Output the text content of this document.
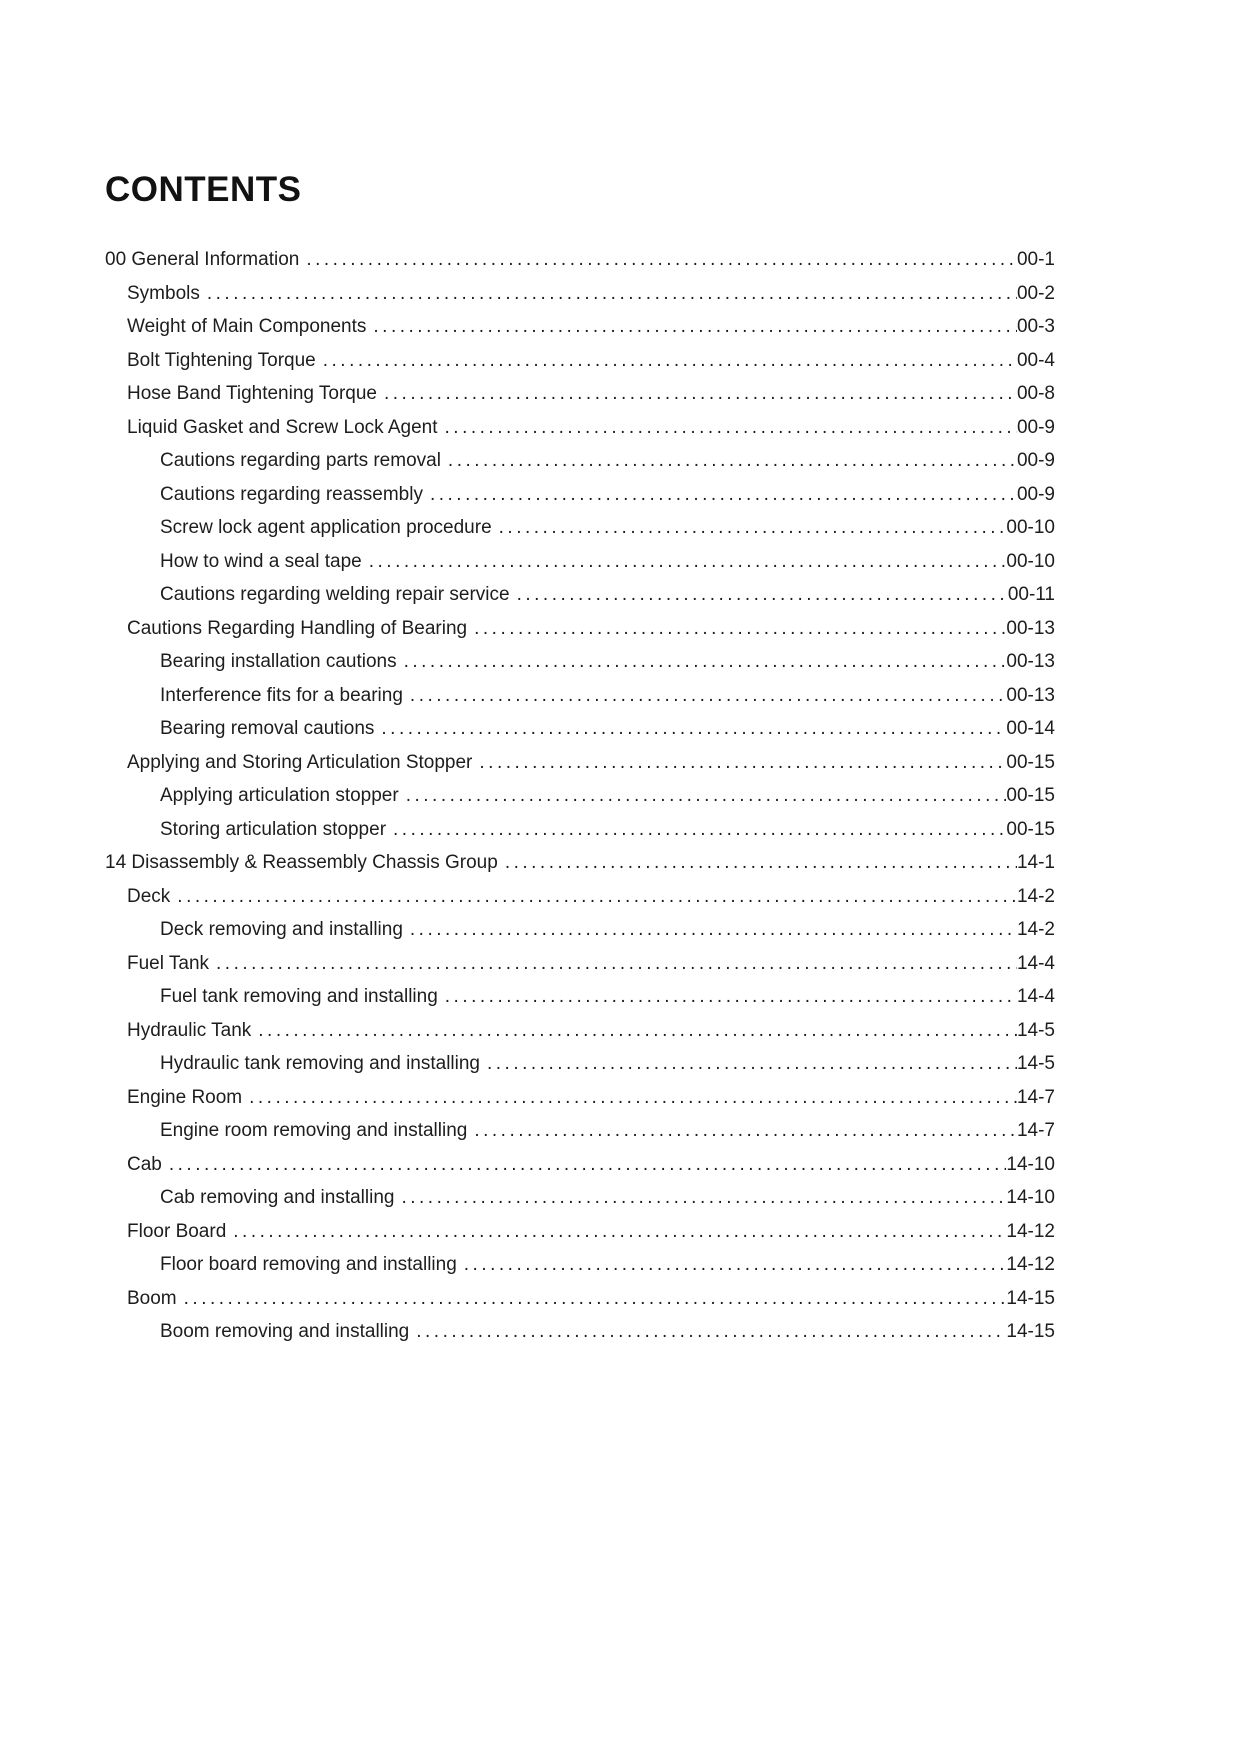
CONTENTS
00 General Information .....	00-1
Symbols .....	00-2
Weight of Main Components .....	00-3
Bolt Tightening Torque .....	00-4
Hose Band Tightening Torque .....	00-8
Liquid Gasket and Screw Lock Agent .....	00-9
Cautions regarding parts removal .....	00-9
Cautions regarding reassembly .....	00-9
Screw lock agent application procedure .....	00-10
How to wind a seal tape .....	00-10
Cautions regarding welding repair service .....	00-11
Cautions Regarding Handling of Bearing .....	00-13
Bearing installation cautions .....	00-13
Interference fits for a bearing .....	00-13
Bearing removal cautions .....	00-14
Applying and Storing Articulation Stopper .....	00-15
Applying articulation stopper .....	00-15
Storing articulation stopper .....	00-15
14 Disassembly & Reassembly Chassis Group .....	14-1
Deck .....	14-2
Deck removing and installing .....	14-2
Fuel Tank .....	14-4
Fuel tank removing and installing .....	14-4
Hydraulic Tank .....	14-5
Hydraulic tank removing and installing .....	14-5
Engine Room .....	14-7
Engine room removing and installing .....	14-7
Cab .....	14-10
Cab removing and installing .....	14-10
Floor Board .....	14-12
Floor board removing and installing .....	14-12
Boom .....	14-15
Boom removing and installing .....	14-15
